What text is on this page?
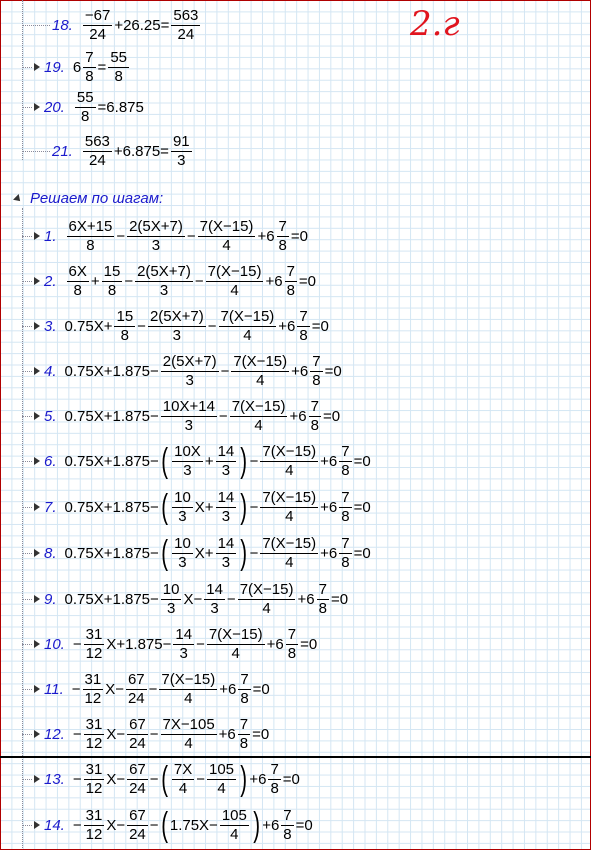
2.г
Решаем по шагам:
18. $\frac{-67}{24} +26.25= \frac{563}{24}$
19. $6 \frac{7}{8} = \frac{55}{8}$
20. $\frac{55}{8} =6.875$
21. $\frac{563}{24} +6.875= \frac{91}{3}$
1. $\frac{6X+15}{8} - \frac{2(5X+7)}{3} - \frac{7(X-15)}{4} +6 \frac{7}{8} =0$
2. $\frac{6X}{8} + \frac{15}{8} - \frac{2(5X+7)}{3} - \frac{7(X-15)}{4} +6 \frac{7}{8} =0$
3. $0.75X+ \frac{15}{8} - \frac{2(5X+7)}{3} - \frac{7(X-15)}{4} +6 \frac{7}{8} =0$
4. $0.75X+1.875- \frac{2(5X+7)}{3} - \frac{7(X-15)}{4} +6 \frac{7}{8} =0$
5. $0.75X+1.875- \frac{10X+14}{3} - \frac{7(X-15)}{4} +6 \frac{7}{8} =0$
6. 0.75X+1.875− ( $\frac{10X}{3} + \frac{14}{3}$ ) − $\frac{7(X-15)}{4} +6 \frac{7}{8} =0$
7. 0.75X+1.875− ( $\frac{10}{3} X+ \frac{14}{3}$ ) − $\frac{7(X-15)}{4} +6 \frac{7}{8} =0$
8. 0.75X+1.875− ( $\frac{10}{3} X+ \frac{14}{3}$ ) − $\frac{7(X-15)}{4} +6 \frac{7}{8} =0$
9. $0.75X+1.875- \frac{10}{3} X- \frac{14}{3} - \frac{7(X-15)}{4} +6 \frac{7}{8} =0$
10. − $\frac{31}{12} X+1.875- \frac{14}{3} - \frac{7(X-15)}{4} +6 \frac{7}{8} =0$
11. − $\frac{31}{12} X- \frac{67}{24} - \frac{7(X-15)}{4} +6 \frac{7}{8} =0$
12. − $\frac{31}{12} X- \frac{67}{24} - \frac{7X-105}{4} +6 \frac{7}{8} =0$
13. − $\frac{31}{12} X- \frac{67}{24}$ − ( $\frac{7X}{4} - \frac{105}{4}$ ) $+6 \frac{7}{8} =0$
14. − $\frac{31}{12} X- \frac{67}{24}$ − ( $1.75X- \frac{105}{4}$ ) $+6 \frac{7}{8} =0$
